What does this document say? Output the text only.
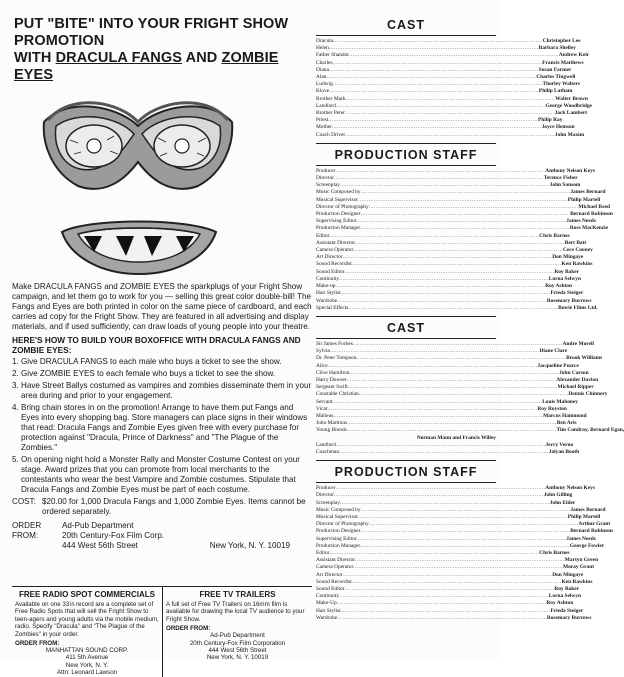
PUT "BITE" INTO YOUR FRIGHT SHOW PROMOTION
WITH DRACULA FANGS AND ZOMBIE EYES

Make DRACULA FANGS and ZOMBIE EYES the sparkplugs of your Fright Show campaign, and let them go to work for you — selling this great color double-bill! The Fangs and Eyes are both printed in color on the same piece of cardboard, and each carries ad copy for the Fright Show. They are featured in all advertising and display materials, and if used sufficiently, can draw loads of young people into your theatre.

HERE'S HOW TO BUILD YOUR BOXOFFICE WITH DRACULA FANGS AND ZOMBIE EYES:
1. Give DRACULA FANGS to each male who buys a ticket to see the show.
2. Give ZOMBIE EYES to each female who buys a ticket to see the show.
3. Have Street Ballys costumed as vampires and zombies disseminate them in your area during and prior to your engagement.
4. Bring chain stores in on the promotion! Arrange to have them put Fangs and Eyes into every shopping bag. Store managers can place signs in their windows that read: Dracula Fangs and Zombie Eyes given free with every purchase for protection against "Dracula, Prince of Darkness" and "The Plague of the Zombies."
5. On opening night hold a Monster Rally and Monster Costume Contest on your stage. Award prizes that you can promote from local merchants to the contestants who wear the best Vampire and Zombie costumes. Stipulate that Dracula Fangs and Zombie Eyes must be part of each costume.
COST: $20.00 for 1,000 Dracula Fangs and 1,000 Zombie Eyes. Items cannot be ordered separately.
ORDER FROM:
Ad-Pub Department
20th Century-Fox Film Corp.
444 West 56th Street	New York, N. Y. 10019
FREE RADIO SPOT COMMERCIALS
Available on one 33⅓ record are a complete set of Free Radio Spots that will sell the Fright Show to teen-agers and young adults via the mobile medium, radio. Specify "Dracula" and "The Plague of the Zombies" in your order.
ORDER FROM:
MANHATTAN SOUND CORP.
411 5th Avenue
New York, N. Y.
Attn: Leonard Lawson
FREE TV TRAILERS
A full set of Free TV Trailers on 16mm film is available for drawing the local TV audience to your Fright Show.
ORDER FROM:
Ad-Pub Department
20th Century-Fox Film Corporation
444 West 56th Street
New York, N. Y. 10019
CAST
Dracula ........................................................................................................................ Christopher Lee
Helen ........................................................................................................................ Barbara Shelley
Father Shandor ........................................................................................................................ Andrew Keir
Charles ........................................................................................................................ Francis Matthews
Diana ........................................................................................................................ Susan Farmer
Alan ........................................................................................................................ Charles Tingwell
Ludwig ........................................................................................................................ Thorley Walters
Klove ........................................................................................................................ Philip Latham
Brother Mark ........................................................................................................................ Walter Brown
Landlord ........................................................................................................................ George Woodbridge
Brother Peter ........................................................................................................................ Jack Lambert
Priest ........................................................................................................................ Philip Ray
Mother ........................................................................................................................ Joyce Hemson
Coach Driver ........................................................................................................................ John Maxim
PRODUCTION STAFF
Producer ........................................................................................................................ Anthony Nelson Keys
Director ........................................................................................................................ Terence Fisher
Screenplay ........................................................................................................................ John Sansom
Music Composed by ........................................................................................................................ James Bernard
Musical Supervisor ........................................................................................................................ Philip Martell
Director of Photography ........................................................................................................................ Michael Reed
Production Designer ........................................................................................................................ Bernard Robinson
Supervising Editor ........................................................................................................................ James Needs
Production Manager ........................................................................................................................ Ross MacKenzie
Editor ........................................................................................................................ Chris Barnes
Assistant Director ........................................................................................................................ Bert Batt
Camera Operator ........................................................................................................................ Cece Cooney
Art Director ........................................................................................................................ Don Mingaye
Sound Recordist ........................................................................................................................ Ken Rawkins
Sound Editor ........................................................................................................................ Roy Baker
Continuity ........................................................................................................................ Lorna Selwyn
Make-up ........................................................................................................................ Roy Ashton
Hair Stylist ........................................................................................................................ Frieda Steiger
Wardrobe ........................................................................................................................ Rosemary Burrows
Special Effects ........................................................................................................................ Bowie Films Ltd.
CAST
Sir James Forbes ........................................................................................................................ Andre Morell
Sylvia ........................................................................................................................ Diane Clare
Dr. Peter Tompson ........................................................................................................................ Brook Williams
Alice ........................................................................................................................ Jacqueline Pearce
Clive Hamilton ........................................................................................................................ John Carson
Harry Dowser ........................................................................................................................ Alexander Davion
Sergeant Swift ........................................................................................................................ Michael Ripper
Constable Christian ........................................................................................................................ Dennis Chinnery
Servant ........................................................................................................................ Louis Mahoney
Vicar ........................................................................................................................ Roy Royston
Malieus ........................................................................................................................ Marcus Hammond
John Martinus ........................................................................................................................ Ben Aris
Young Bloods ........................................................................................................................ Tim Condray, Bernard Egan,
Norman Mann and Francis Willey
Landlord ........................................................................................................................ Jerry Verno
Coachman ........................................................................................................................ Jolyan Booth
PRODUCTION STAFF
Producer ........................................................................................................................ Anthony Nelson Keys
Director ........................................................................................................................ John Gilling
Screenplay ........................................................................................................................ John Elder
Music Composed by ........................................................................................................................ James Bernard
Musical Supervisor ........................................................................................................................ Philip Martell
Director of Photography ........................................................................................................................ Arthur Grant
Production Designer ........................................................................................................................ Bernard Robinson
Supervising Editor ........................................................................................................................ James Needs
Production Manager ........................................................................................................................ George Fowler
Editor ........................................................................................................................ Chris Barnes
Assistant Director ........................................................................................................................ Martyn Green
Camera Operator ........................................................................................................................ Moray Grant
Art Director ........................................................................................................................ Don Mingaye
Sound Recordist ........................................................................................................................ Ken Rawkins
Sound Editor ........................................................................................................................ Roy Baker
Continuity ........................................................................................................................ Lorna Selwyn
Make-Up ........................................................................................................................ Roy Ashton
Hair Stylist ........................................................................................................................ Frieda Steiger
Wardrobe ........................................................................................................................ Rosemary Burrows
